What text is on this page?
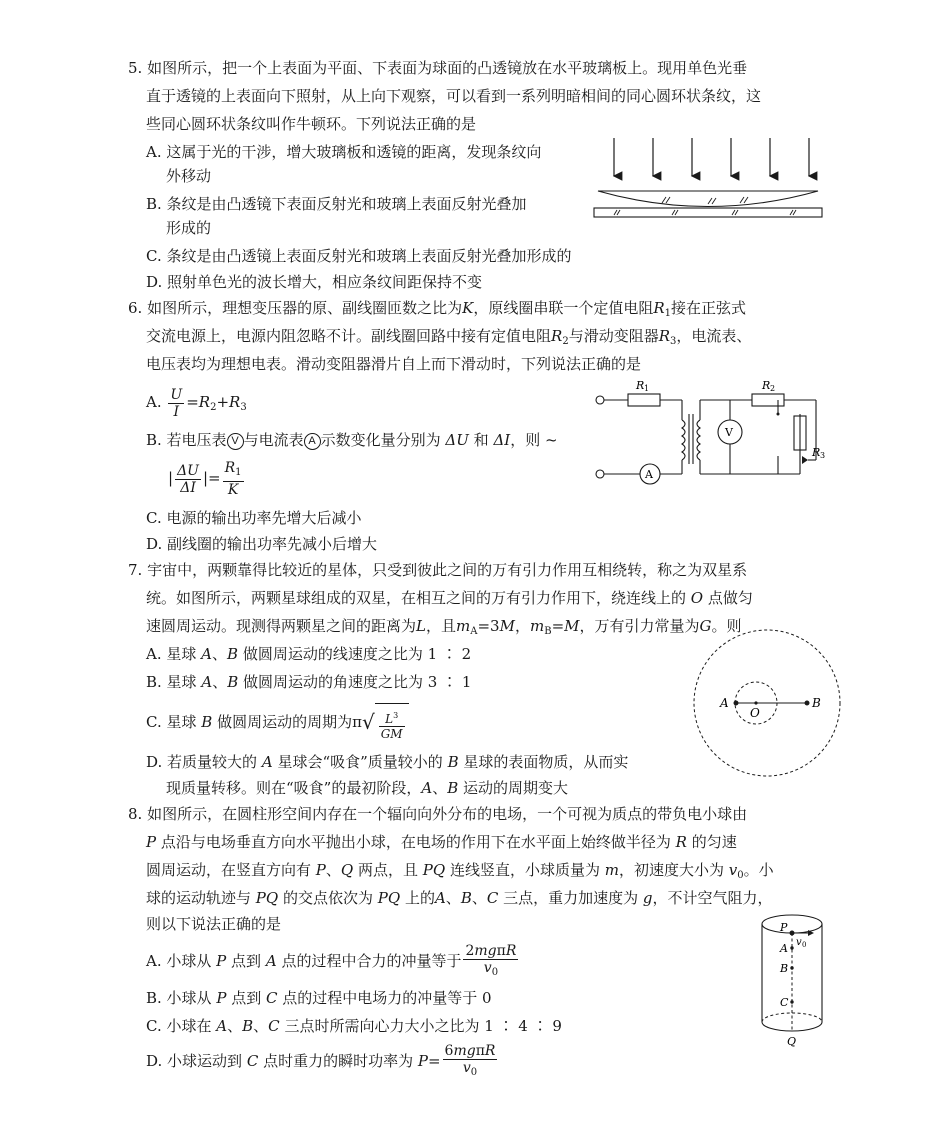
5. 如图所示，把一个上表面为平面、下表面为球面的凸透镜放在水平玻璃板上。现用单色光垂
直于透镜的上表面向下照射，从上向下观察，可以看到一系列明暗相间的同心圆环状条纹，这
些同心圆环状条纹叫作牛顿环。下列说法正确的是
A. 这属于光的干涉，增大玻璃板和透镜的距离，发现条纹向
外移动
B. 条纹是由凸透镜下表面反射光和玻璃上表面反射光叠加
形成的
C. 条纹是由凸透镜上表面反射光和玻璃上表面反射光叠加形成的
D. 照射单色光的波长增大，相应条纹间距保持不变
6. 如图所示，理想变压器的原、副线圈匝数之比为K，原线圈串联一个定值电阻$R_1$接在正弦式
交流电源上，电源内阻忽略不计。副线圈回路中接有定值电阻$R_2$与滑动变阻器$R_3$，电流表、
电压表均为理想电表。滑动变阻器滑片自上而下滑动时，下列说法正确的是
A. $\frac{U}{I} =R_2+R_3$
B. 若电压表 V 与电流表 A 示数变化量分别为 ΔU 和 ΔI，则 ~
| $\frac{\Delta U}{\Delta I}$ |= $\frac{R_1}{K}$
C. 电源的输出功率先增大后减小
D. 副线圈的输出功率先减小后增大
R 1	R 2
R 3
V
A
7. 宇宙中，两颗靠得比较近的星体，只受到彼此之间的万有引力作用互相绕转，称之为双星系
统。如图所示，两颗星球组成的双星，在相互之间的万有引力作用下，绕连线上的 O 点做匀
速圆周运动。现测得两颗星之间的距离为L，且$m_A=3M$，$m_B=M$，万有引力常量为G。则
A. 星球 A、B 做圆周运动的线速度之比为 1 ∶ 2
B. 星球 A、B 做圆周运动的角速度之比为 3 ∶ 1
C. 星球 B 做圆周运动的周期为$\pi√ \frac{L^3}{GM}$
D. 若质量较大的 A 星球会“吸食”质量较小的 B 星球的表面物质，从而实
现质量转移。则在“吸食”的最初阶段，A、B 运动的周期变大
A
O
B
8. 如图所示，在圆柱形空间内存在一个辐向向外分布的电场，一个可视为质点的带负电小球由
P 点沿与电场垂直方向水平抛出小球，在电场的作用下在水平面上始终做半径为 R 的匀速
圆周运动，在竖直方向有 P、Q 两点，且 PQ 连线竖直，小球质量为 m，初速度大小为 $v_0$。小
球的运动轨迹与 PQ 的交点依次为 PQ 上的A、B、C 三点，重力加速度为 g，不计空气阻力，
则以下说法正确的是
A. 小球从 P 点到 A 点的过程中合力的冲量等于 $\frac{\text{2mgπR}}{v_0}$
B. 小球从 P 点到 C 点的过程中电场力的冲量等于 0
C. 小球在 A、B、C 三点时所需向心力大小之比为 1 ∶ 4 ∶ 9
D. 小球运动到 C 点时重力的瞬时功率为 $P= \frac{\text{6mgπR}}{v_0}$
P
v 0
A
B
C
Q
